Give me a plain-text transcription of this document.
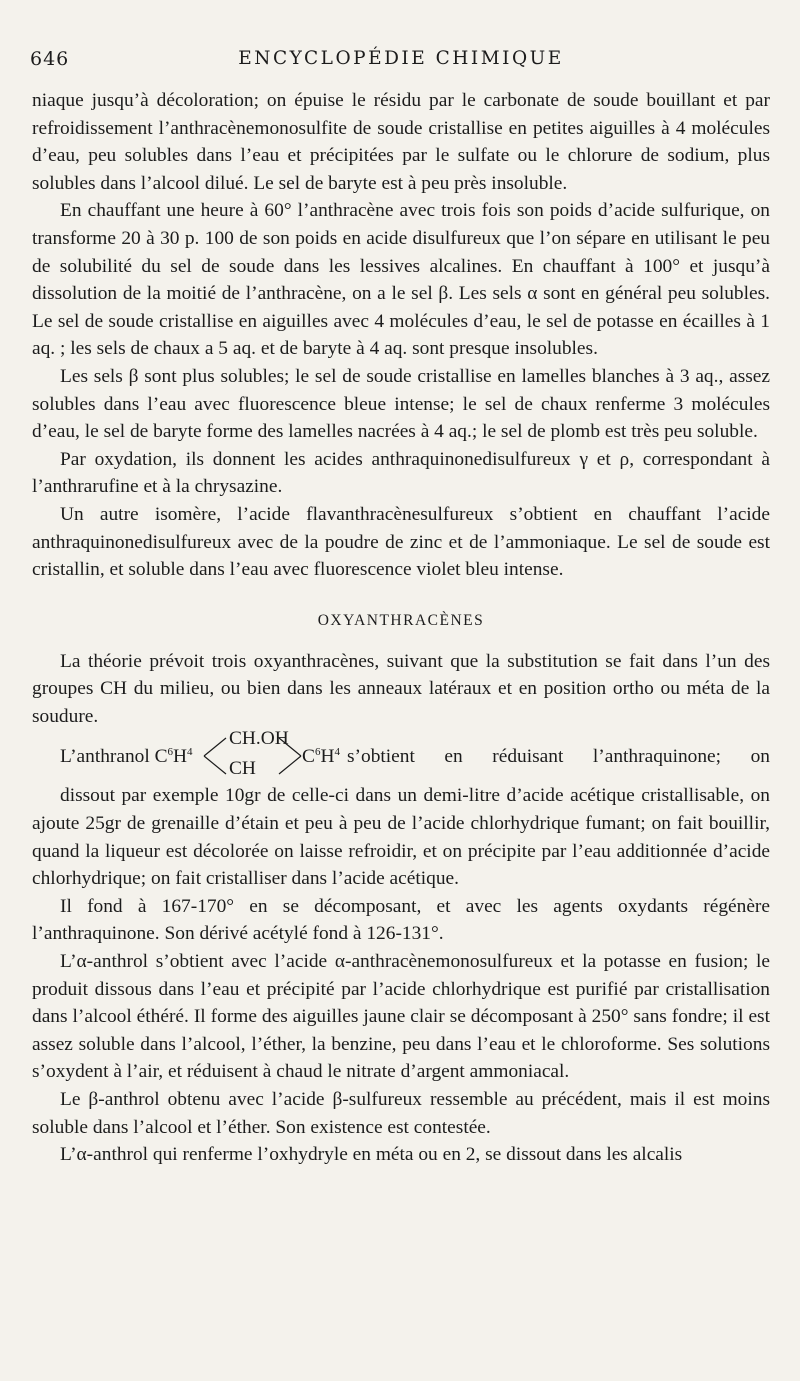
646	ENCYCLOPÉDIE CHIMIQUE

niaque jusqu’à décoloration; on épuise le résidu par le carbonate de soude bouillant et par refroidissement l’anthracènemonosulfite de soude cristallise en petites aiguilles à 4 molécules d’eau, peu solubles dans l’eau et précipitées par le sulfate ou le chlorure de sodium, plus solubles dans l’alcool dilué. Le sel de baryte est à peu près insoluble.

En chauffant une heure à 60° l’anthracène avec trois fois son poids d’acide sulfurique, on transforme 20 à 30 p. 100 de son poids en acide disulfureux que l’on sépare en utilisant le peu de solubilité du sel de soude dans les lessives alcalines. En chauffant à 100° et jusqu’à dissolution de la moitié de l’anthracène, on a le sel β. Les sels α sont en général peu solubles. Le sel de soude cristallise en aiguilles avec 4 molécules d’eau, le sel de potasse en écailles à 1 aq. ; les sels de chaux a 5 aq. et de baryte à 4 aq. sont presque insolubles.

Les sels β sont plus solubles; le sel de soude cristallise en lamelles blanches à 3 aq., assez solubles dans l’eau avec fluorescence bleue intense; le sel de chaux renferme 3 molécules d’eau, le sel de baryte forme des lamelles nacrées à 4 aq.; le sel de plomb est très peu soluble.

Par oxydation, ils donnent les acides anthraquinonedisulfureux γ et ρ, correspondant à l’anthrarufine et à la chrysazine.

Un autre isomère, l’acide flavanthracènesulfureux s’obtient en chauffant l’acide anthraquinonedisulfureux avec de la poudre de zinc et de l’ammoniaque. Le sel de soude est cristallin, et soluble dans l’eau avec fluorescence violet bleu intense.

OXYANTHRACÈNES

La théorie prévoit trois oxyanthracènes, suivant que la substitution se fait dans l’un des groupes CH du milieu, ou bien dans les anneaux latéraux et en position ortho ou méta de la soudure.

L’anthranol $C^6H^4$
CH.OH
CH
$C^6H^4$ s’obtient en réduisant l’anthraquinone; on

dissout par exemple 10gr de celle-ci dans un demi-litre d’acide acétique cristallisable, on ajoute 25gr de grenaille d’étain et peu à peu de l’acide chlorhydrique fumant; on fait bouillir, quand la liqueur est décolorée on laisse refroidir, et on précipite par l’eau additionnée d’acide chlorhydrique; on fait cristalliser dans l’acide acétique.

Il fond à 167-170° en se décomposant, et avec les agents oxydants régénère l’anthraquinone. Son dérivé acétylé fond à 126-131°.

L’α-anthrol s’obtient avec l’acide α-anthracènemonosulfureux et la potasse en fusion; le produit dissous dans l’eau et précipité par l’acide chlorhydrique est purifié par cristallisation dans l’alcool éthéré. Il forme des aiguilles jaune clair se décomposant à 250° sans fondre; il est assez soluble dans l’alcool, l’éther, la benzine, peu dans l’eau et le chloroforme. Ses solutions s’oxydent à l’air, et réduisent à chaud le nitrate d’argent ammoniacal.

Le β-anthrol obtenu avec l’acide β-sulfureux ressemble au précédent, mais il est moins soluble dans l’alcool et l’éther. Son existence est contestée.

L’α-anthrol qui renferme l’oxhydryle en méta ou en 2, se dissout dans les alcalis
